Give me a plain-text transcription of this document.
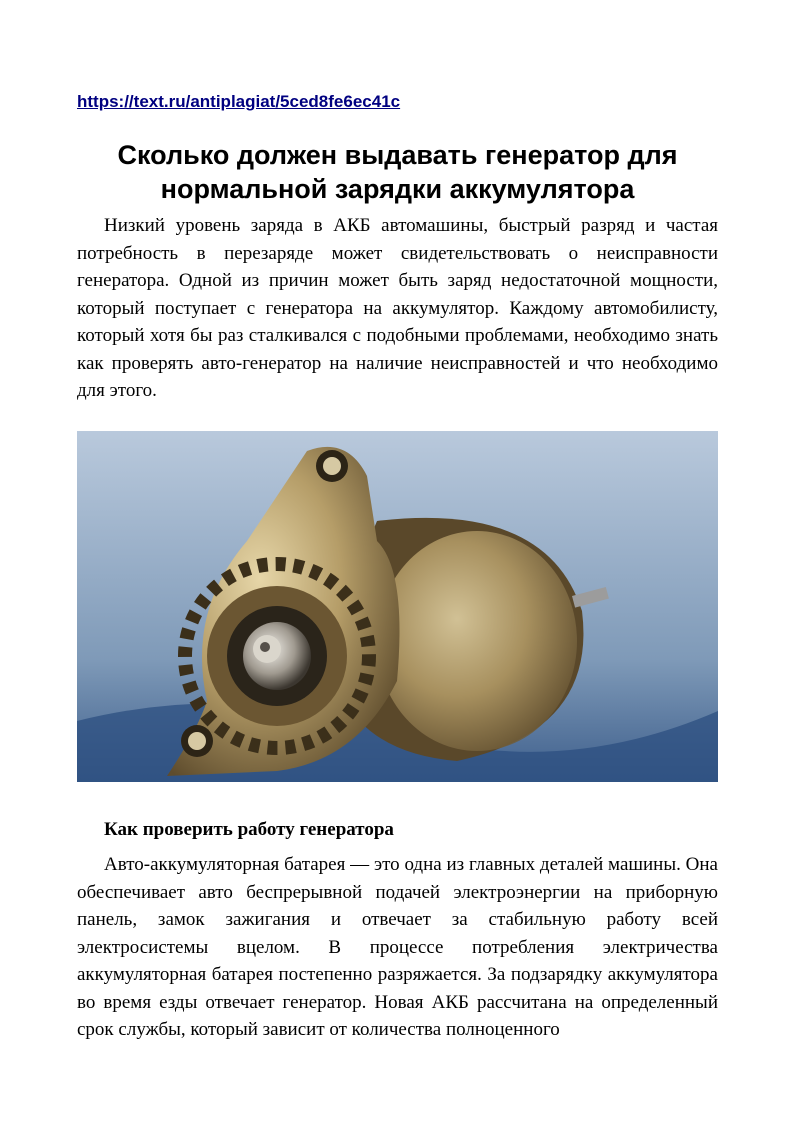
https://text.ru/antiplagiat/5ced8fe6ec41c
Сколько должен выдавать генератор для нормальной зарядки аккумулятора

Низкий уровень заряда в АКБ автомашины, быстрый разряд и частая потребность в перезаряде может свидетельствовать о неисправности генератора. Одной из причин может быть заряд недостаточной мощности, который поступает с генератора на аккумулятор. Каждому автомобилисту, который хотя бы раз сталкивался с подобными проблемами, необходимо знать как проверять авто-генератор на наличие неисправностей и что необходимо для этого.

Как проверить работу генератора

Авто-аккумуляторная батарея — это одна из главных деталей машины. Она обеспечивает авто беспрерывной подачей электроэнергии на приборную панель, замок зажигания и отвечает за стабильную работу всей электросистемы вцелом. В процессе потребления электричества аккумуляторная батарея постепенно разряжается. За подзарядку аккумулятора во время езды отвечает генератор. Новая АКБ рассчитана на определенный срок службы, который зависит от количества полноценного
